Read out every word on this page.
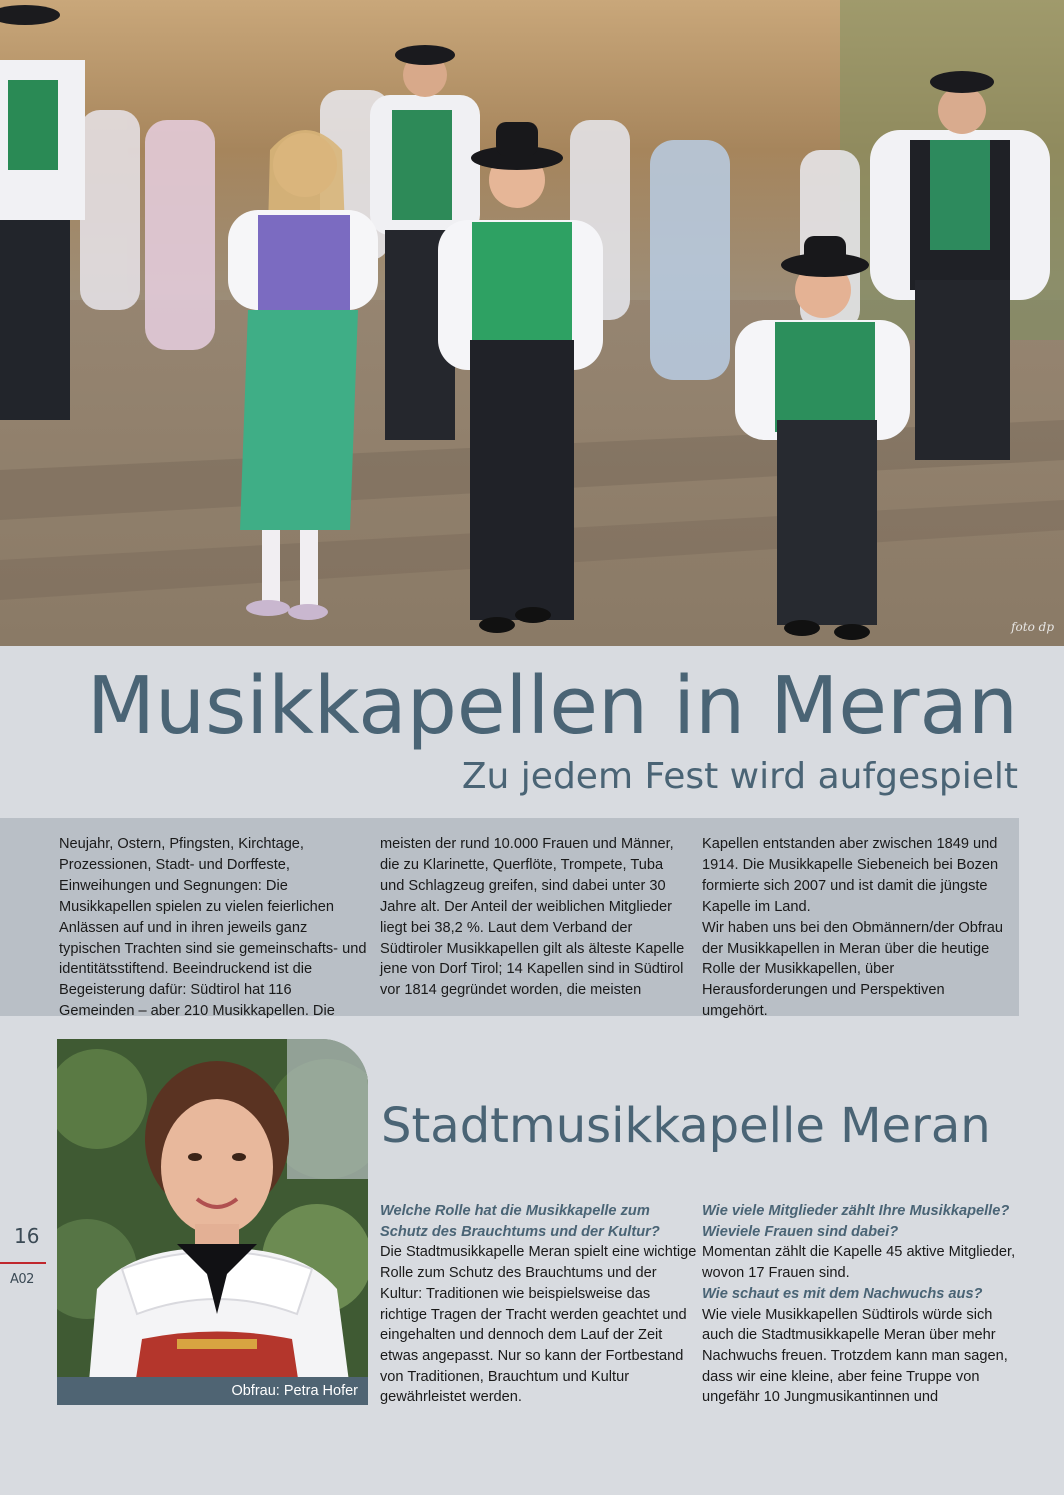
foto dp
Musikkapellen in Meran
Zu jedem Fest wird aufgespielt

Neujahr, Ostern, Pfingsten, Kirchtage, Prozessionen, Stadt- und Dorffeste, Einweihungen und Segnungen: Die Musikkapellen spielen zu vielen feierlichen Anlässen auf und in ihren jeweils ganz typischen Trachten sind sie gemeinschafts- und identitätsstiftend. Beeindruckend ist die Begeisterung dafür: Südtirol hat 116 Gemeinden – aber 210 Musikkapellen. Die

meisten der rund 10.000 Frauen und Männer, die zu Klarinette, Querflöte, Trompete, Tuba und Schlagzeug greifen, sind dabei unter 30 Jahre alt. Der Anteil der weiblichen Mitglieder liegt bei 38,2 %. Laut dem Verband der Südtiroler Musikkapellen gilt als älteste Kapelle jene von Dorf Tirol; 14 Kapellen sind in Südtirol vor 1814 gegründet worden, die meisten

Kapellen entstanden aber zwischen 1849 und 1914. Die Musikkapelle Siebeneich bei Bozen formierte sich 2007 und ist damit die jüngste Kapelle im Land.

Wir haben uns bei den Obmännern/der Obfrau der Musikkapellen in Meran über die heutige Rolle der Musikkapellen, über Herausforderungen und Perspektiven umgehört.

Obfrau: Petra Hofer
Stadtmusikkapelle Meran
Welche Rolle hat die Musikkapelle zum Schutz des Brauchtums und der Kultur?
Die Stadtmusikkapelle Meran spielt eine wichtige Rolle zum Schutz des Brauchtums und der Kultur: Traditionen wie beispielsweise das richtige Tragen der Tracht werden geachtet und eingehalten und dennoch dem Lauf der Zeit etwas angepasst. Nur so kann der Fortbestand von Traditionen, Brauchtum und Kultur gewährleistet werden.
Wie viele Mitglieder zählt Ihre Musikkapelle? Wieviele Frauen sind dabei?
Momentan zählt die Kapelle 45 aktive Mitglieder, wovon 17 Frauen sind.
Wie schaut es mit dem Nachwuchs aus?
Wie viele Musikkapellen Südtirols würde sich auch die Stadtmusikkapelle Meran über mehr Nachwuchs freuen. Trotzdem kann man sagen, dass wir eine kleine, aber feine Truppe von ungefähr 10 Jungmusikantinnen und
16
A02
